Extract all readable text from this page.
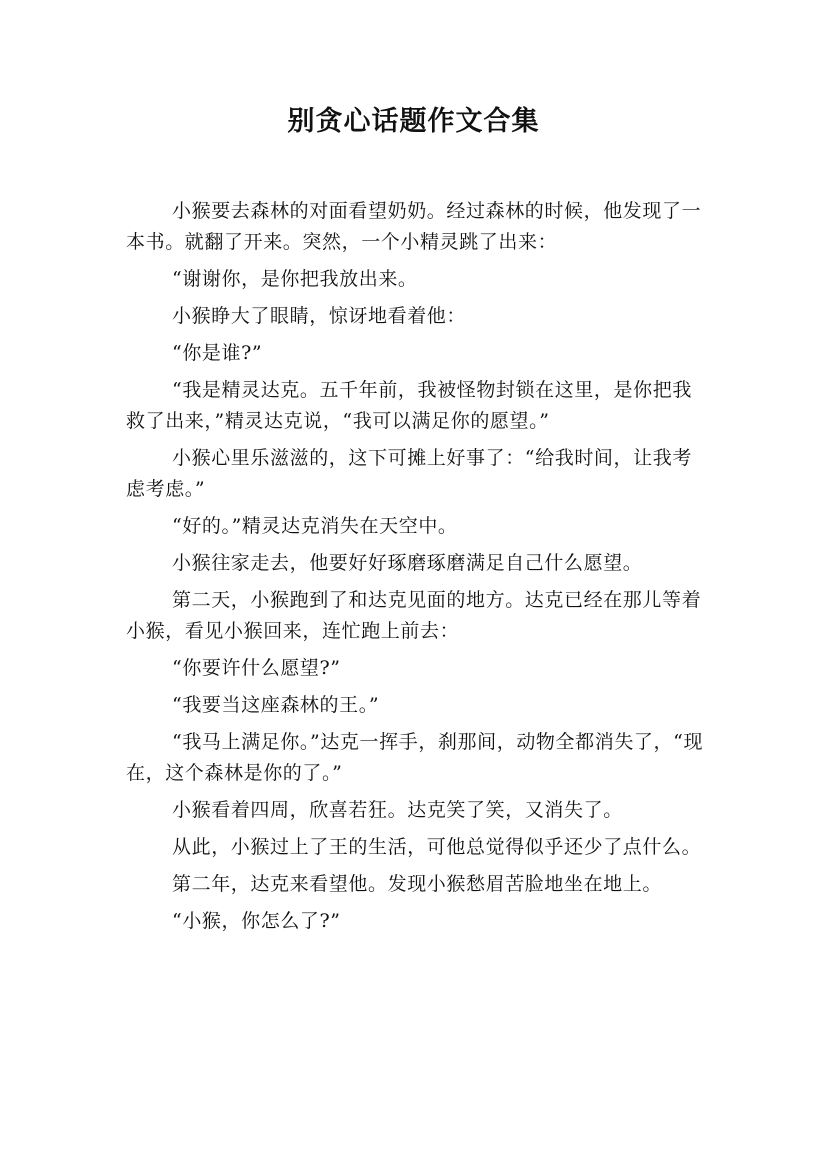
别贪心话题作文合集

小猴要去森林的对面看望奶奶。经过森林的时候，他发现了一本书。就翻了开来。突然，一个小精灵跳了出来：

“谢谢你，是你把我放出来。

小猴睁大了眼睛，惊讶地看着他：

“你是谁?”

“我是精灵达克。五千年前，我被怪物封锁在这里，是你把我救了出来，”精灵达克说，“我可以满足你的愿望。”

小猴心里乐滋滋的，这下可摊上好事了：“给我时间，让我考虑考虑。”

“好的。”精灵达克消失在天空中。

小猴往家走去，他要好好琢磨琢磨满足自己什么愿望。

第二天，小猴跑到了和达克见面的地方。达克已经在那儿等着小猴，看见小猴回来，连忙跑上前去：

“你要许什么愿望?”

“我要当这座森林的王。”

“我马上满足你。”达克一挥手，刹那间，动物全都消失了，“现在，这个森林是你的了。”

小猴看着四周，欣喜若狂。达克笑了笑，又消失了。

从此，小猴过上了王的生活，可他总觉得似乎还少了点什么。

第二年，达克来看望他。发现小猴愁眉苦脸地坐在地上。

“小猴，你怎么了?”
